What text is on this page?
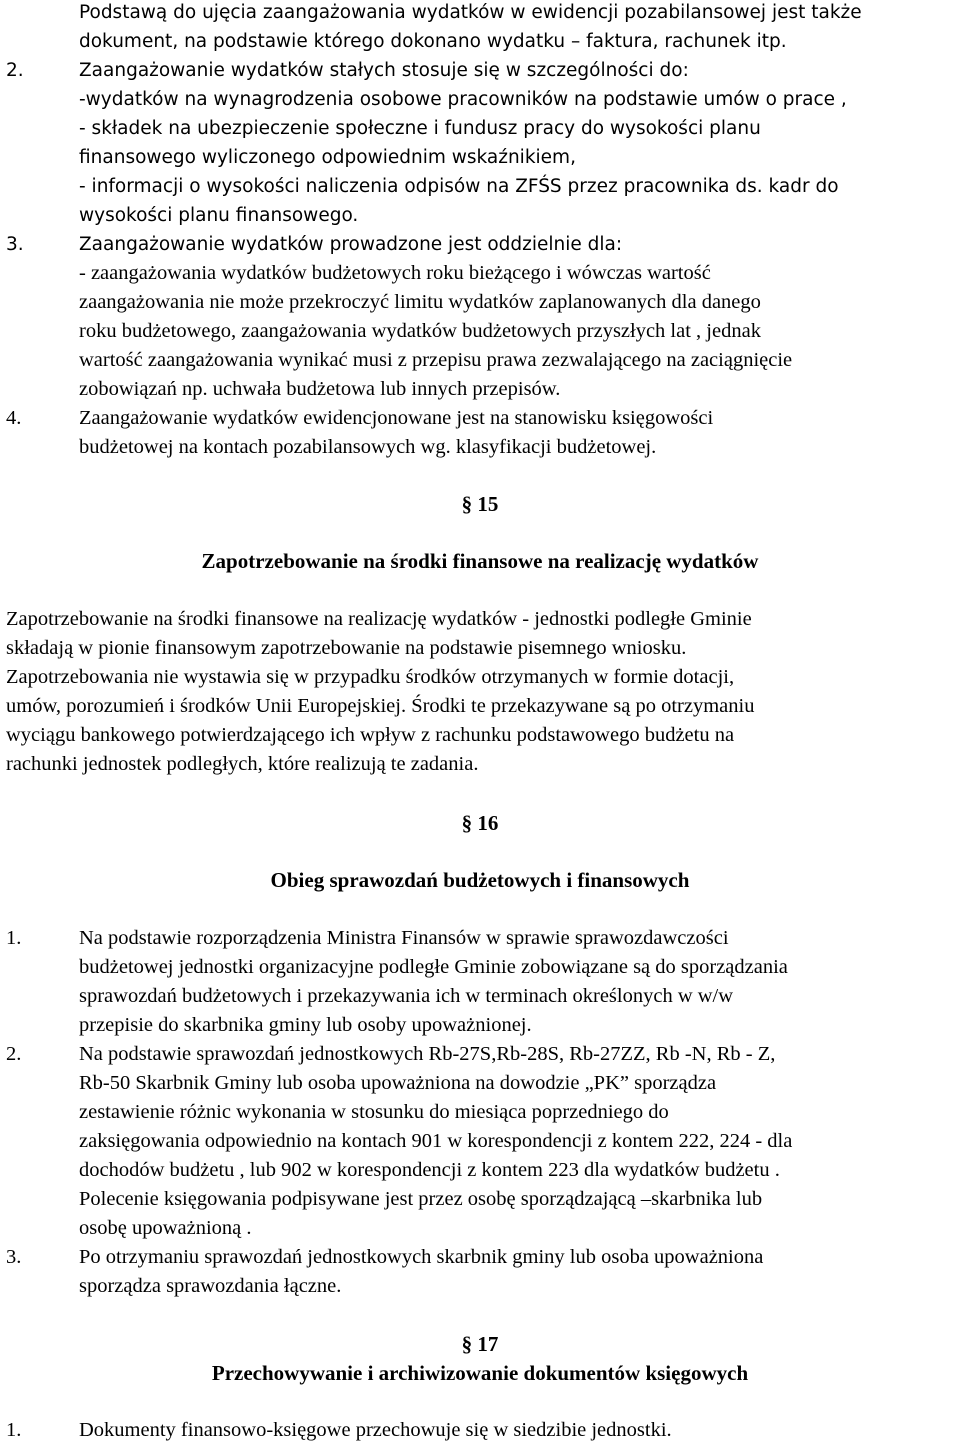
Podstawą do ujęcia zaangażowania wydatków w ewidencji pozabilansowej jest także
dokument, na podstawie którego dokonano wydatku – faktura, rachunek itp.
2.	Zaangażowanie wydatków stałych stosuje się w szczególności do:
-wydatków na wynagrodzenia osobowe pracowników na podstawie umów o prace ,
- składek na ubezpieczenie społeczne i fundusz pracy do wysokości planu
finansowego wyliczonego odpowiednim wskaźnikiem,
- informacji o wysokości naliczenia odpisów na ZFŚS przez pracownika ds. kadr do
wysokości planu finansowego.
3.	Zaangażowanie wydatków prowadzone jest oddzielnie dla:
- zaangażowania wydatków budżetowych roku bieżącego i wówczas wartość
zaangażowania nie może przekroczyć limitu wydatków zaplanowanych dla danego
roku budżetowego, zaangażowania wydatków budżetowych przyszłych lat , jednak
wartość zaangażowania wynikać musi z przepisu prawa zezwalającego na zaciągnięcie
zobowiązań np. uchwała budżetowa lub innych przepisów.
4.	Zaangażowanie wydatków ewidencjonowane jest na stanowisku księgowości
budżetowej na kontach pozabilansowych wg. klasyfikacji budżetowej.
§ 15
Zapotrzebowanie na środki finansowe na realizację wydatków
Zapotrzebowanie na środki finansowe na realizację wydatków - jednostki podległe Gminie
składają w pionie finansowym zapotrzebowanie na podstawie pisemnego wniosku.
Zapotrzebowania nie wystawia się w przypadku środków otrzymanych w formie dotacji,
umów, porozumień i środków Unii Europejskiej. Środki te przekazywane są po otrzymaniu
wyciągu bankowego potwierdzającego ich wpływ z rachunku podstawowego budżetu na
rachunki jednostek podległych, które realizują te zadania.
§ 16
Obieg sprawozdań budżetowych i finansowych
1.	Na podstawie rozporządzenia Ministra Finansów w sprawie sprawozdawczości
budżetowej jednostki organizacyjne podległe Gminie zobowiązane są do sporządzania
sprawozdań budżetowych i przekazywania ich w terminach określonych w w/w
przepisie do skarbnika gminy lub osoby upoważnionej.
2.	Na podstawie sprawozdań jednostkowych Rb-27S,Rb-28S, Rb-27ZZ, Rb -N, Rb - Z,
Rb-50 Skarbnik Gminy lub osoba upoważniona na dowodzie „PK” sporządza
zestawienie różnic wykonania w stosunku do miesiąca poprzedniego do
zaksięgowania odpowiednio na kontach 901 w korespondencji z kontem 222, 224 - dla
dochodów budżetu , lub 902 w korespondencji z kontem 223 dla wydatków budżetu .
Polecenie księgowania podpisywane jest przez osobę sporządzającą –skarbnika lub
osobę upoważnioną .
3.	Po otrzymaniu sprawozdań jednostkowych skarbnik gminy lub osoba upoważniona
sporządza sprawozdania łączne.
§ 17
Przechowywanie i archiwizowanie dokumentów księgowych
1.	Dokumenty finansowo-księgowe przechowuje się w siedzibie jednostki.
